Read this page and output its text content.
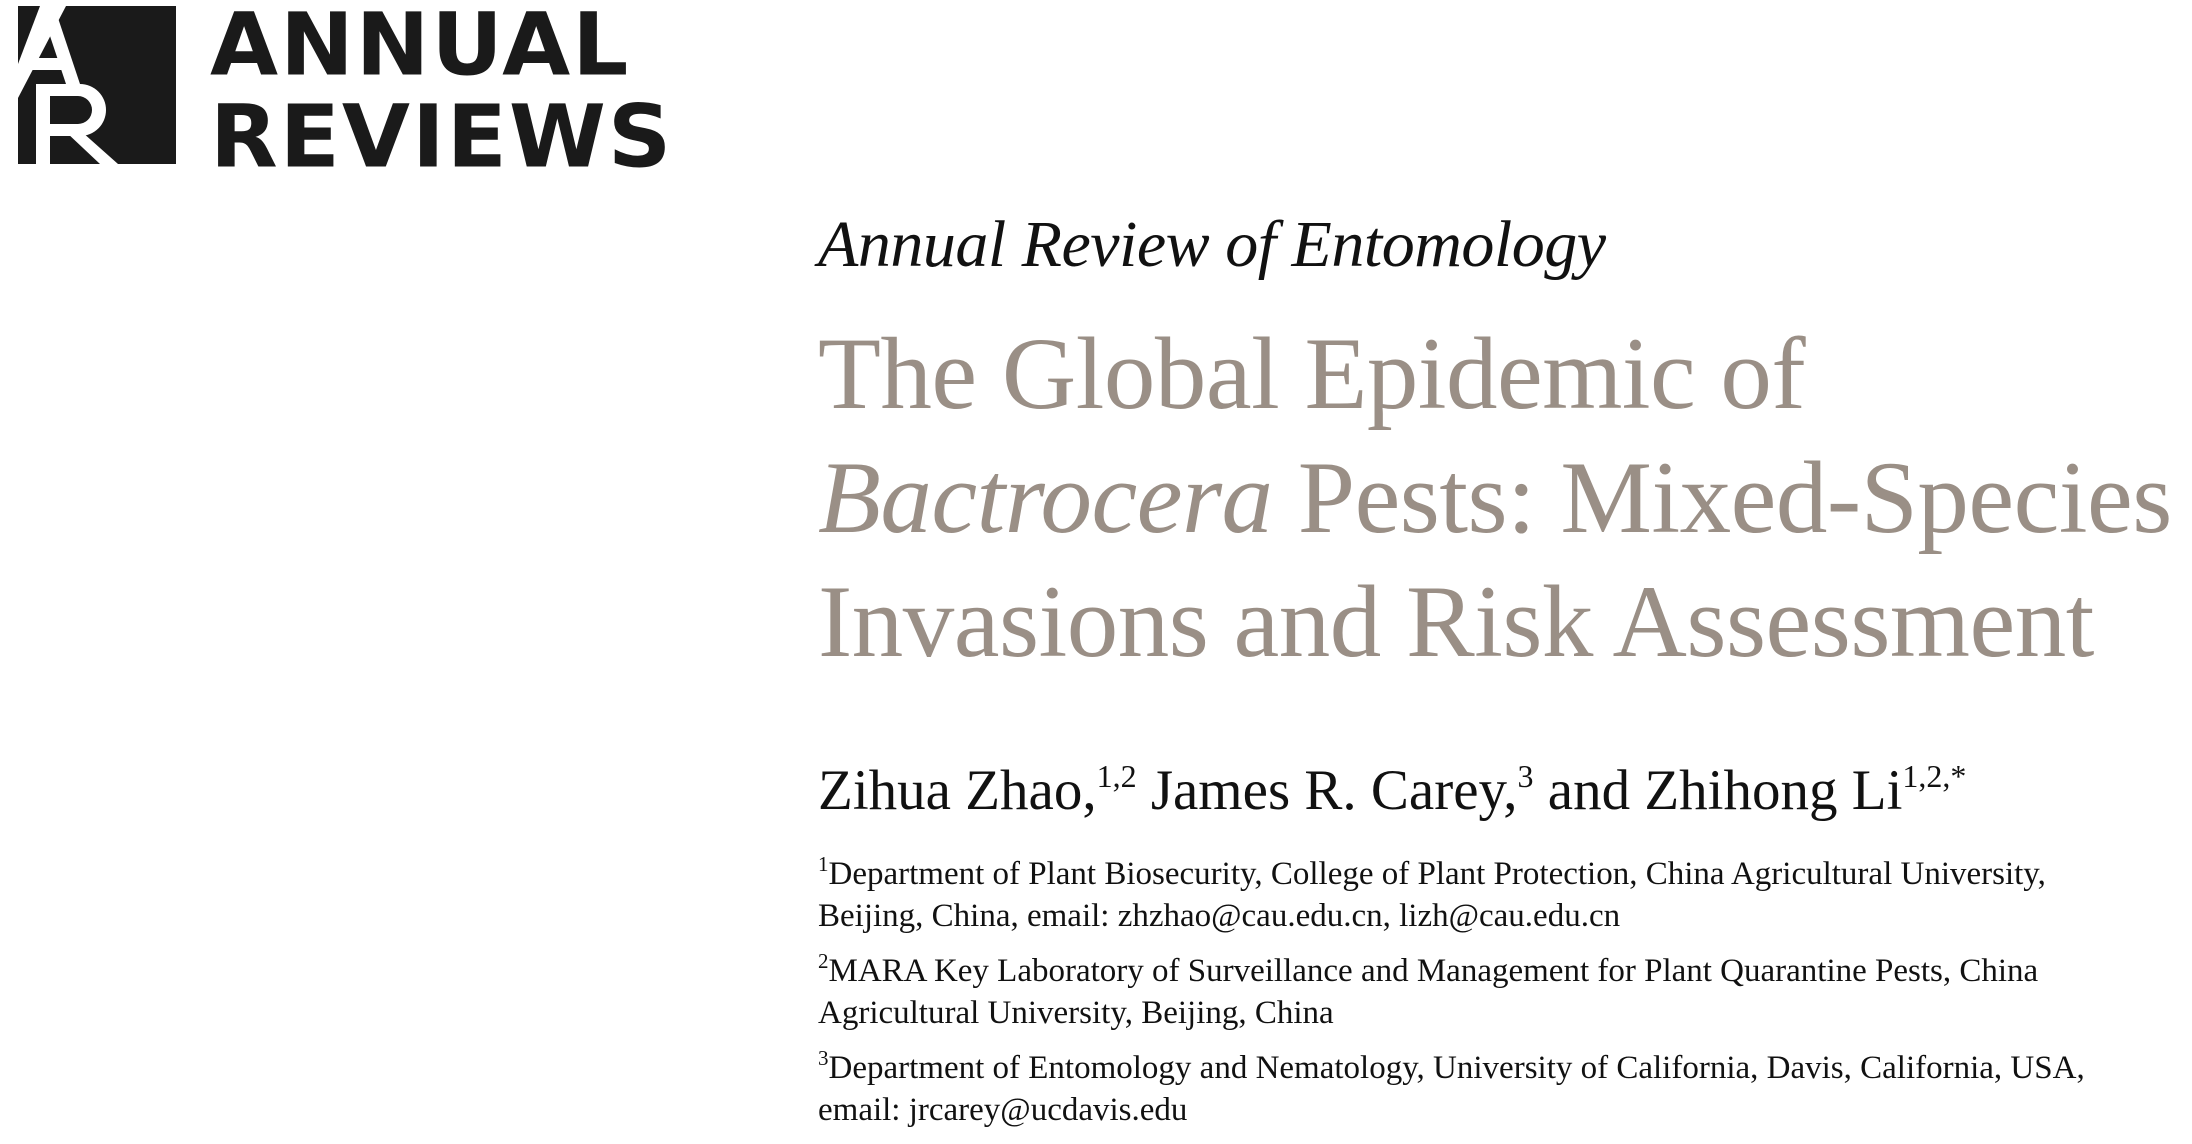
ANNUAL
REVIEWS

Annual Review of Entomology

The Global Epidemic of
Bactrocera Pests: Mixed-Species
Invasions and Risk Assessment

Zihua Zhao,$^{1,2}$ James R. Carey,$^3$ and Zhihong $Li^{1,2,*}$

$^1$Department of Plant Biosecurity, College of Plant Protection, China Agricultural University,
Beijing, China, email: zhzhao@cau.edu.cn, lizh@cau.edu.cn

$^2$MARA Key Laboratory of Surveillance and Management for Plant Quarantine Pests, China
Agricultural University, Beijing, China

$^3$Department of Entomology and Nematology, University of California, Davis, California, USA,
email: jrcarey@ucdavis.edu
